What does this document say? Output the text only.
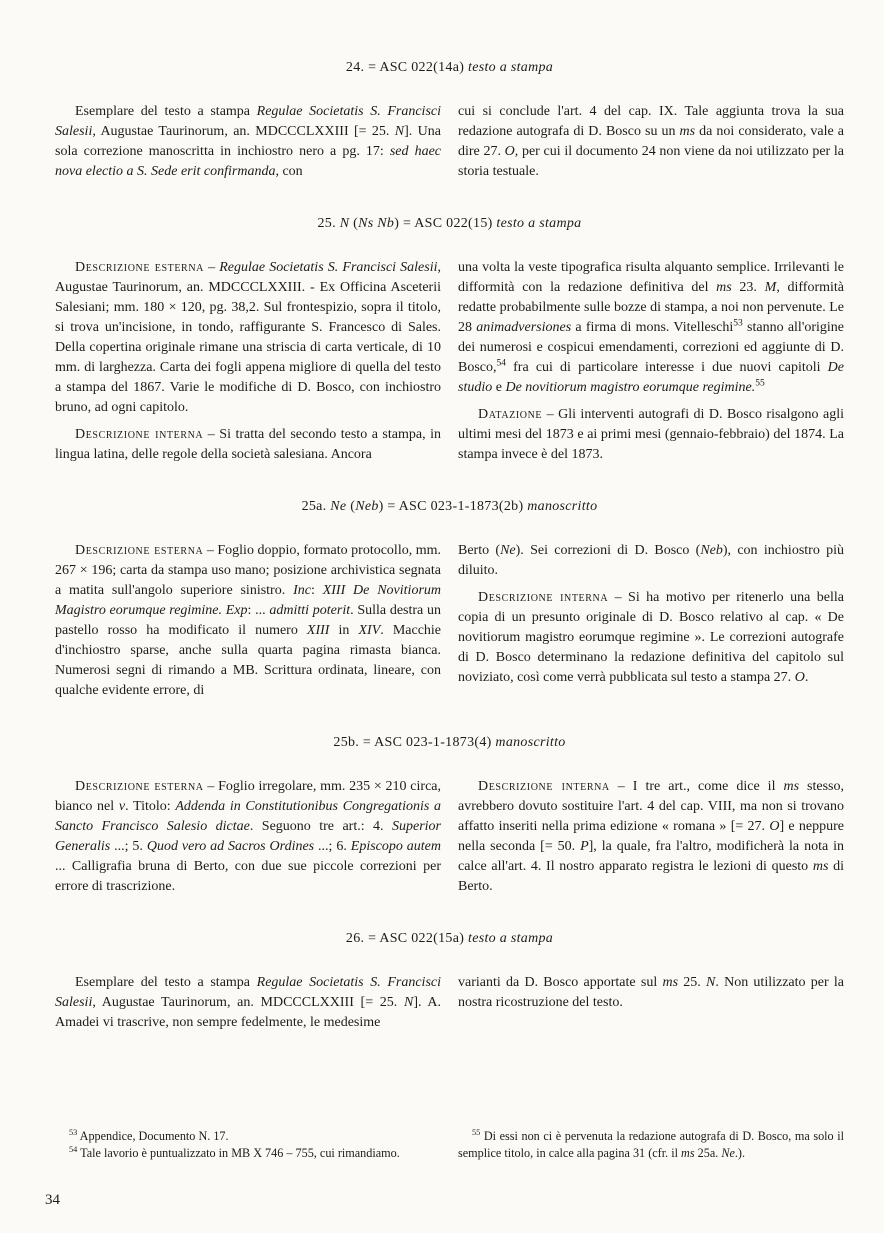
24. = ASC 022(14a) testo a stampa

Esemplare del testo a stampa Regulae Societatis S. Francisci Salesii, Augustae Taurinorum, an. MDCCCLXXIII [= 25. N]. Una sola correzione manoscritta in inchiostro nero a pg. 17: sed haec nova electio a S. Sede erit confirmanda, con

cui si conclude l'art. 4 del cap. IX. Tale aggiunta trova la sua redazione autografa di D. Bosco su un ms da noi considerato, vale a dire 27. O, per cui il documento 24 non viene da noi utilizzato per la storia testuale.

25. N (Ns Nb) = ASC 022(15) testo a stampa

Descrizione esterna – Regulae Societatis S. Francisci Salesii, Augustae Taurinorum, an. MDCCCLXXIII. - Ex Officina Asceterii Salesiani; mm. 180 × 120, pg. 38,2. Sul frontespizio, sopra il titolo, si trova un'incisione, in tondo, raffigurante S. Francesco di Sales. Della copertina originale rimane una striscia di carta verticale, di 10 mm. di larghezza. Carta dei fogli appena migliore di quella del testo a stampa del 1867. Varie le modifiche di D. Bosco, con inchiostro bruno, ad ogni capitolo.

Descrizione interna – Si tratta del secondo testo a stampa, in lingua latina, delle regole della società salesiana. Ancora

una volta la veste tipografica risulta alquanto semplice. Irrilevanti le difformità con la redazione definitiva del ms 23. M, difformità redatte probabilmente sulle bozze di stampa, a noi non pervenute. Le 28 animadversiones a firma di mons. Vitelleschi$^{53}$ stanno all'origine dei numerosi e cospicui emendamenti, correzioni ed aggiunte di D. Bosco,$^{54}$ fra cui di particolare interesse i due nuovi capitoli De studio e De novitiorum magistro eorumque regimine.$^{55}$

Datazione – Gli interventi autografi di D. Bosco risalgono agli ultimi mesi del 1873 e ai primi mesi (gennaio-febbraio) del 1874. La stampa invece è del 1873.

25a. Ne (Neb) = ASC 023-1-1873(2b) manoscritto

Descrizione esterna – Foglio doppio, formato protocollo, mm. 267 × 196; carta da stampa uso mano; posizione archivistica segnata a matita sull'angolo superiore sinistro. Inc: XIII De Novitiorum Magistro eorumque regimine. Exp: ... admitti poterit. Sulla destra un pastello rosso ha modificato il numero XIII in XIV. Macchie d'inchiostro sparse, anche sulla quarta pagina rimasta bianca. Numerosi segni di rimando a MB. Scrittura ordinata, lineare, con qualche evidente errore, di

Berto (Ne). Sei correzioni di D. Bosco (Neb), con inchiostro più diluito.

Descrizione interna – Si ha motivo per ritenerlo una bella copia di un presunto originale di D. Bosco relativo al cap. « De novitiorum magistro eorumque regimine ». Le correzioni autografe di D. Bosco determinano la redazione definitiva del capitolo sul noviziato, così come verrà pubblicata sul testo a stampa 27. O.

25b. = ASC 023-1-1873(4) manoscritto

Descrizione esterna – Foglio irregolare, mm. 235 × 210 circa, bianco nel v. Titolo: Addenda in Constitutionibus Congregationis a Sancto Francisco Salesio dictae. Seguono tre art.: 4. Superior Generalis ...; 5. Quod vero ad Sacros Ordines ...; 6. Episcopo autem ... Calligrafia bruna di Berto, con due sue piccole correzioni per errore di trascrizione.

Descrizione interna – I tre art., come dice il ms stesso, avrebbero dovuto sostituire l'art. 4 del cap. VIII, ma non si trovano affatto inseriti nella prima edizione « romana » [= 27. O] e neppure nella seconda [= 50. P], la quale, fra l'altro, modificherà la nota in calce all'art. 4. Il nostro apparato registra le lezioni di questo ms di Berto.

26. = ASC 022(15a) testo a stampa

Esemplare del testo a stampa Regulae Societatis S. Francisci Salesii, Augustae Taurinorum, an. MDCCCLXXIII [= 25. N]. A. Amadei vi trascrive, non sempre fedelmente, le medesime

varianti da D. Bosco apportate sul ms 25. N. Non utilizzato per la nostra ricostruzione del testo.

$^{53}$ Appendice, Documento N. 17.

$^{54}$ Tale lavorio è puntualizzato in MB X 746 – 755, cui rimandiamo.

$^{55}$ Di essi non ci è pervenuta la redazione autografa di D. Bosco, ma solo il semplice titolo, in calce alla pagina 31 (cfr. il ms 25a. Ne.).

34
